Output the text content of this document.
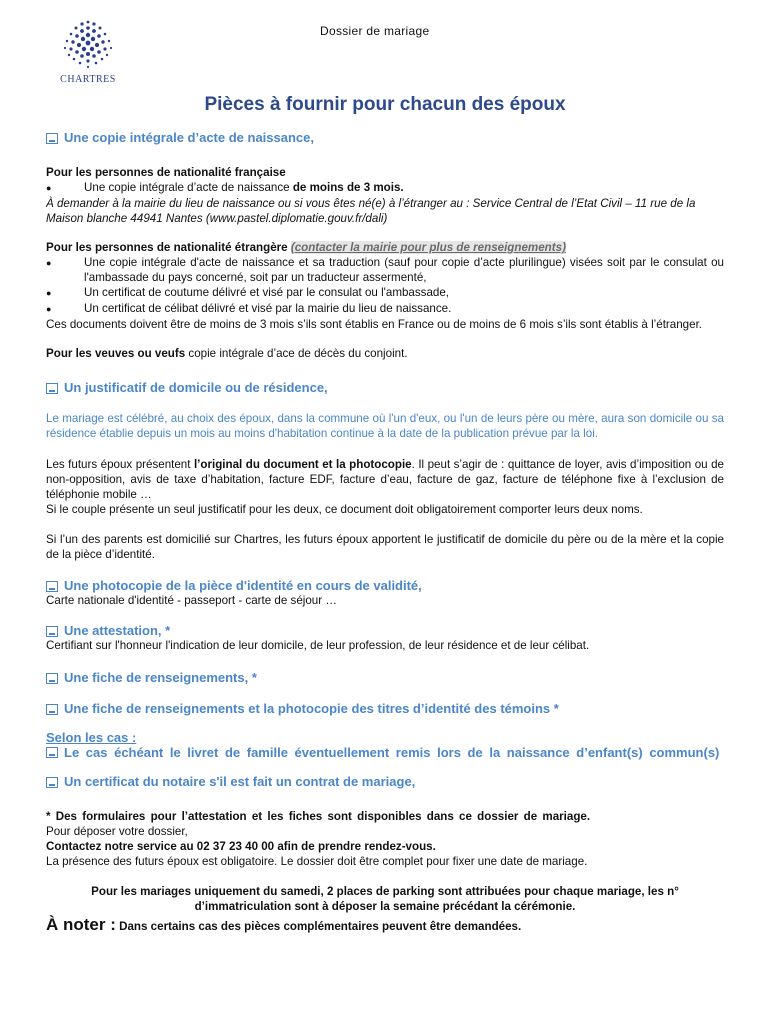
CHARTRES
Dossier de mariage
Pièces à fournir pour chacun des époux
Une copie intégrale d’acte de naissance,

Pour les personnes de nationalité française

●
Une copie intégrale d’acte de naissance de moins de 3 mois.

À demander à la mairie du lieu de naissance ou si vous êtes né(e) à l’étranger au : Service Central de l’Etat Civil – 11 rue de la Maison blanche 44941 Nantes (www.pastel.diplomatie.gouv.fr/dali)

Pour les personnes de nationalité étrangère (contacter la mairie pour plus de renseignements)

●
Une copie intégrale d'acte de naissance et sa traduction (sauf pour copie d’acte plurilingue) visées soit par le consulat ou l'ambassade du pays concerné, soit par un traducteur assermenté,
●
Un certificat de coutume délivré et visé par le consulat ou l'ambassade,
●
Un certificat de célibat délivré et visé par la mairie du lieu de naissance.

Ces documents doivent être de moins de 3 mois s’ils sont établis en France ou de moins de 6 mois s’ils sont établis à l’étranger.

Pour les veuves ou veufs copie intégrale d’ace de décès du conjoint.

Un justificatif de domicile ou de résidence,

Le mariage est célébré, au choix des époux, dans la commune où l'un d'eux, ou l'un de leurs père ou mère, aura son domicile ou sa résidence établie depuis un mois au moins d'habitation continue à la date de la publication prévue par la loi.

Les futurs époux présentent l’original du document et la photocopie. Il peut s’agir de : quittance de loyer, avis d’imposition ou de non-opposition, avis de taxe d’habitation, facture EDF, facture d’eau, facture de gaz, facture de téléphone fixe à l’exclusion de téléphonie mobile …

Si le couple présente un seul justificatif pour les deux, ce document doit obligatoirement comporter leurs deux noms.

Si l’un des parents est domicilié sur Chartres, les futurs époux apportent le justificatif de domicile du père ou de la mère et la copie de la pièce d’identité.

Une photocopie de la pièce d'identité en cours de validité,

Carte nationale d'identité - passeport - carte de séjour …

Une attestation, *

Certifiant sur l'honneur l'indication de leur domicile, de leur profession, de leur résidence et de leur célibat.

Une fiche de renseignements, *
Une fiche de renseignements et la photocopie des titres d’identité des témoins *

Selon les cas :

Le cas échéant le livret de famille éventuellement remis lors de la naissance d’enfant(s) commun(s)
Un certificat du notaire s'il est fait un contrat de mariage,

* Des formulaires pour l’attestation et les fiches sont disponibles dans ce dossier de mariage.

Pour déposer votre dossier,

Contactez notre service au 02 37 23 40 00 afin de prendre rendez-vous.

La présence des futurs époux est obligatoire. Le dossier doit être complet pour fixer une date de mariage.

Pour les mariages uniquement du samedi, 2 places de parking sont attribuées pour chaque mariage, les n° d’immatriculation sont à déposer la semaine précédant la cérémonie.

À noter : Dans certains cas des pièces complémentaires peuvent être demandées.
